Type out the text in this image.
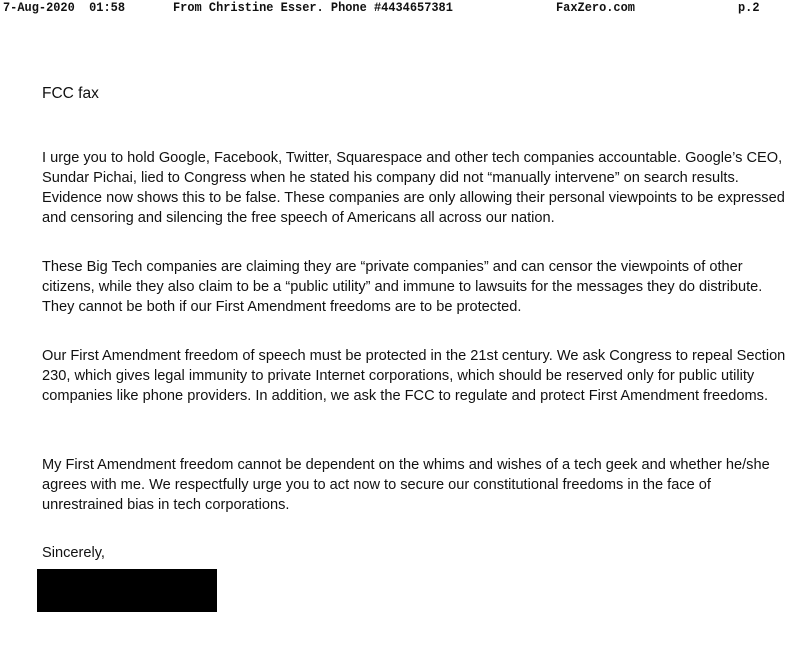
7-Aug-2020  01:58	From Christine Esser. Phone #4434657381	FaxZero.com	p.2
FCC fax
I urge you to hold Google, Facebook, Twitter, Squarespace and other tech companies accountable. Google’s CEO, Sundar Pichai, lied to Congress when he stated his company did not “manually intervene” on search results. Evidence now shows this to be false. These companies are only allowing their personal viewpoints to be expressed and censoring and silencing the free speech of Americans all across our nation.
These Big Tech companies are claiming they are “private companies” and can censor the viewpoints of other citizens, while they also claim to be a “public utility” and immune to lawsuits for the messages they do distribute. They cannot be both if our First Amendment freedoms are to be protected.
Our First Amendment freedom of speech must be protected in the 21st century. We ask Congress to repeal Section 230, which gives legal immunity to private Internet corporations, which should be reserved only for public utility companies like phone providers. In addition, we ask the FCC to regulate and protect First Amendment freedoms.
My First Amendment freedom cannot be dependent on the whims and wishes of a tech geek and whether he/she agrees with me. We respectfully urge you to act now to secure our constitutional freedoms in the face of unrestrained bias in tech corporations.
Sincerely,
